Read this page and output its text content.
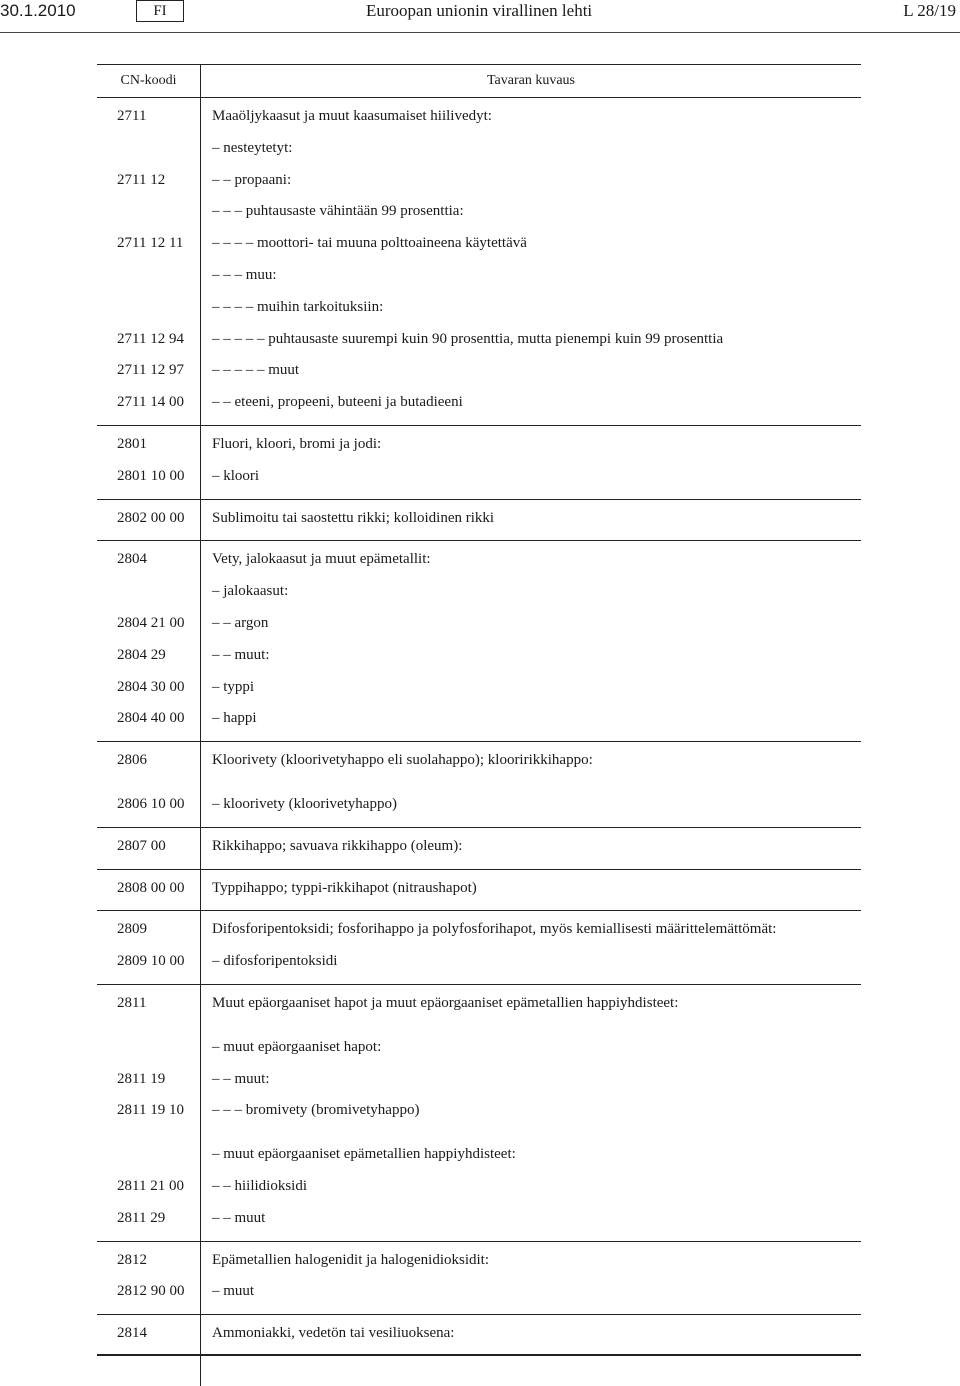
30.1.2010	FI	Euroopan unionin virallinen lehti	L 28/19
CN-koodi	Tavaran kuvaus
2711	Maaöljykaasut ja muut kaasumaiset hiilivedyt:
– nesteytetyt:
2711 12	– – propaani:
– – – puhtausaste vähintään 99 prosenttia:
2711 12 11	– – – – moottori- tai muuna polttoaineena käytettävä
– – – muu:
– – – – muihin tarkoituksiin:
2711 12 94	– – – – – puhtausaste suurempi kuin 90 prosenttia, mutta pienempi kuin 99 prosenttia
2711 12 97	– – – – – muut
2711 14 00	– – eteeni, propeeni, buteeni ja butadieeni
2801	Fluori, kloori, bromi ja jodi:
2801 10 00	– kloori
2802 00 00	Sublimoitu tai saostettu rikki; kolloidinen rikki
2804	Vety, jalokaasut ja muut epämetallit:
– jalokaasut:
2804 21 00	– – argon
2804 29	– – muut:
2804 30 00	– typpi
2804 40 00	– happi
2806	Kloorivety (kloorivetyhappo eli suolahappo); klooririkkihappo:
2806 10 00	– kloorivety (kloorivetyhappo)
2807 00	Rikkihappo; savuava rikkihappo (oleum):
2808 00 00	Typpihappo; typpi-rikkihapot (nitraushapot)
2809	Difosforipentoksidi; fosforihappo ja polyfosforihapot, myös kemiallisesti määrittelemättömät:
2809 10 00	– difosforipentoksidi
2811	Muut epäorgaaniset hapot ja muut epäorgaaniset epämetallien happiyhdisteet:
– muut epäorgaaniset hapot:
2811 19	– – muut:
2811 19 10	– – – bromivety (bromivetyhappo)
– muut epäorgaaniset epämetallien happiyhdisteet:
2811 21 00	– – hiilidioksidi
2811 29	– – muut
2812	Epämetallien halogenidit ja halogenidioksidit:
2812 90 00	– muut
2814	Ammoniakki, vedetön tai vesiliuoksena:
